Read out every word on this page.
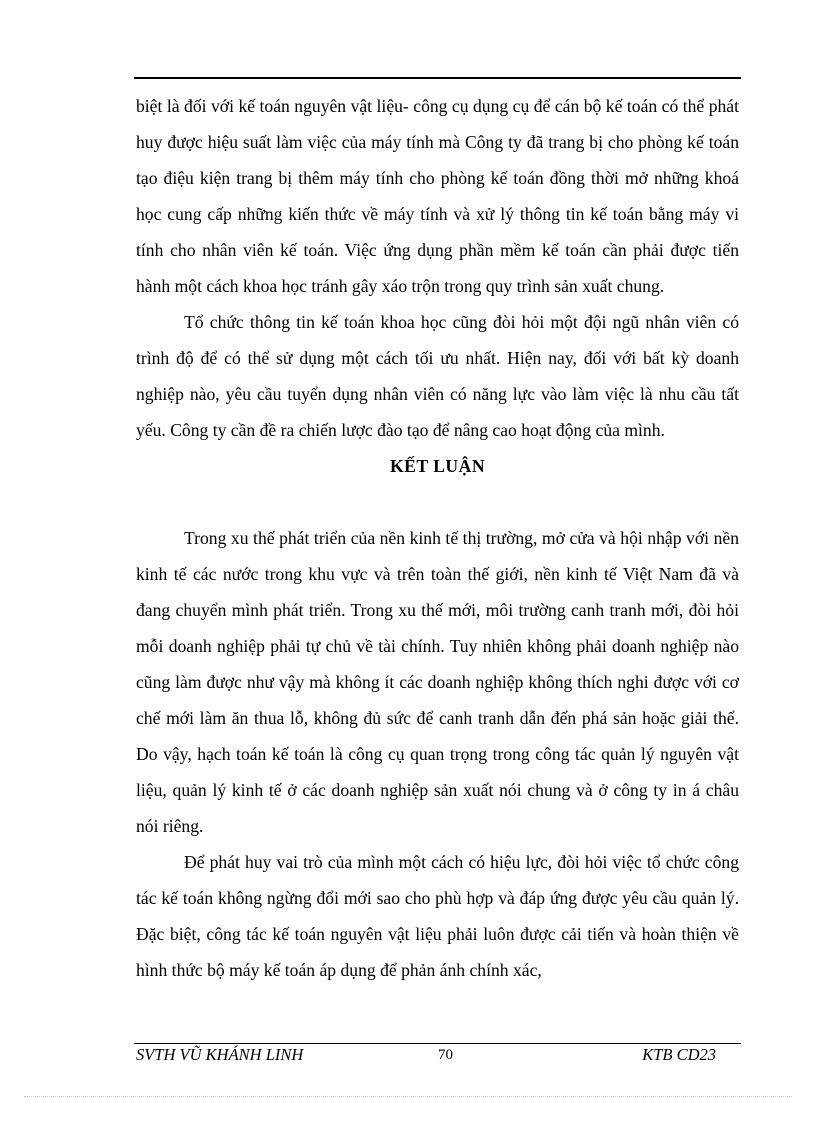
biệt là đối với kế toán nguyên vật liệu- công cụ dụng cụ để cán bộ kế toán có thể phát huy được hiệu suất làm việc của máy tính mà Công ty đã trang bị cho phòng kế toán tạo điệu kiện trang bị thêm máy tính cho phòng kế toán đồng thời mở những khoá học cung cấp những kiến thức về máy tính và xử lý thông tin kế toán bằng máy vi tính cho nhân viên kế toán. Việc ứng dụng phần mềm kế toán cần phải được tiến hành một cách khoa học tránh gây xáo trộn trong quy trình sản xuất chung.

Tổ chức thông tin kế toán khoa học cũng đòi hỏi một đội ngũ nhân viên có trình độ để có thể sử dụng một cách tối ưu nhất. Hiện nay, đối với bất kỳ doanh nghiệp nào, yêu cầu tuyển dụng nhân viên có năng lực vào làm việc là nhu cầu tất yếu. Công ty cần đề ra chiến lược đào tạo để nâng cao hoạt động của mình.

KẾT LUẬN

Trong xu thế phát triển của nền kinh tế thị trường, mở cửa và hội nhập với nền kinh tế các nước trong khu vực và trên toàn thế giới, nền kinh tế Việt Nam đã và đang chuyển mình phát triển. Trong xu thế mới, môi trường canh tranh mới, đòi hỏi mỗi doanh nghiệp phải tự chủ về tài chính. Tuy nhiên không phải doanh nghiệp nào cũng làm được như vậy mà không ít các doanh nghiệp không thích nghi được với cơ chế mới làm ăn thua lỗ, không đủ sức để canh tranh dẫn đến phá sản hoặc giải thể. Do vậy, hạch toán kế toán là công cụ quan trọng trong công tác quản lý nguyên vật liệu, quản lý kinh tế ở các doanh nghiệp sản xuất nói chung và ở công ty in á châu nói riêng.

Để phát huy vai trò của mình một cách có hiệu lực, đòi hỏi việc tổ chức công tác kế toán không ngừng đổi mới sao cho phù hợp và đáp ứng được yêu cầu quản lý. Đặc biệt, công tác kế toán nguyên vật liệu phải luôn được cải tiến và hoàn thiện về hình thức bộ máy kế toán áp dụng để phản ánh chính xác,

SVTH VŨ KHÁNH LINH	70	KTB CD23
